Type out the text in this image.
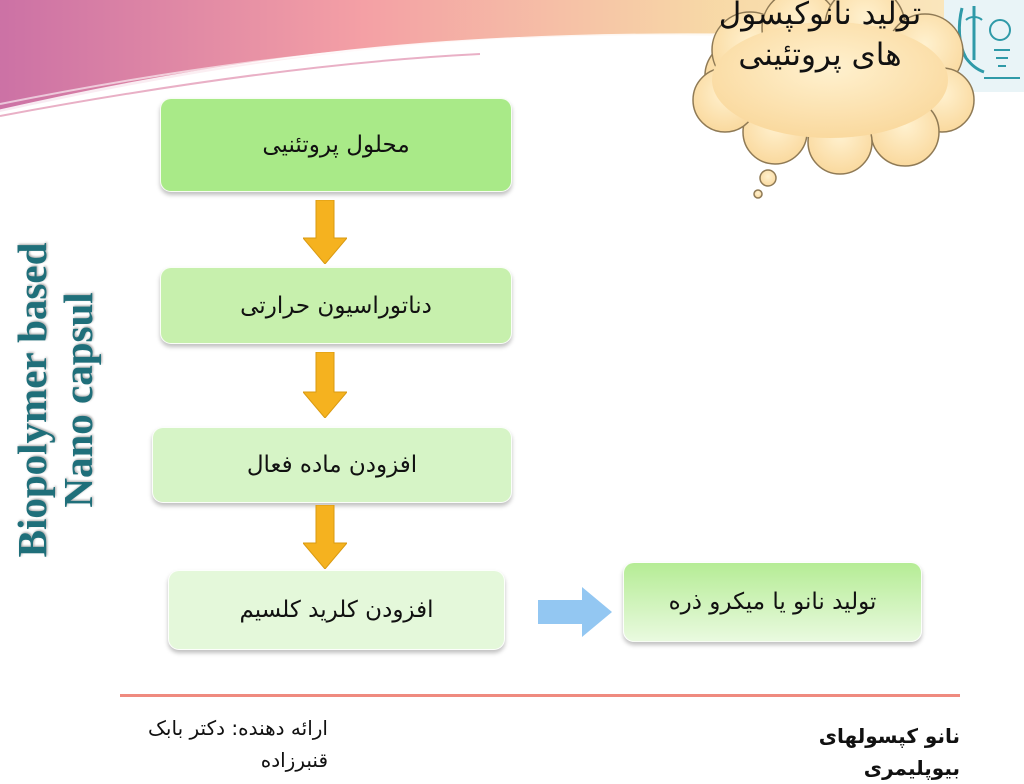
تولید نانوکپسول های پروتئینی
Biopolymer based Nano capsul
محلول پروتئنیی
دناتوراسیون حرارتی
افزودن ماده فعال
افزودن کلرید کلسیم	تولید نانو یا میکرو ذره
ارائه دهنده: دکتر بابک قنبرزاده
نانو کپسولهای بیوپلیمری
